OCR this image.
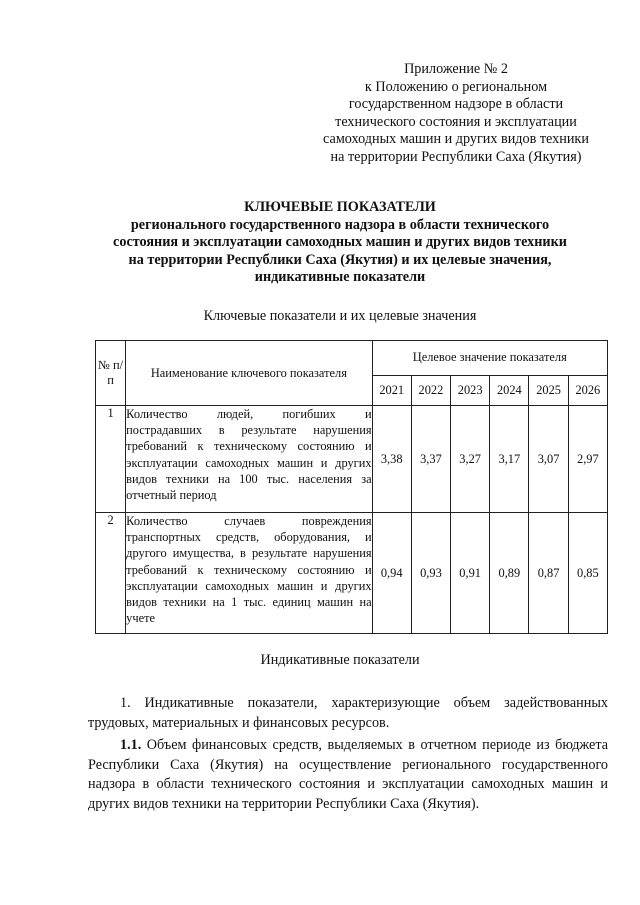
Приложение № 2
к Положению о региональном
государственном надзоре в области
технического состояния и эксплуатации
самоходных машин и других видов техники
на территории Республики Саха (Якутия)
КЛЮЧЕВЫЕ ПОКАЗАТЕЛИ
регионального государственного надзора в области технического
состояния и эксплуатации самоходных машин и других видов техники
на территории Республики Саха (Якутия) и их целевые значения,
индикативные показатели
Ключевые показатели и их целевые значения
№ п/п	Наименование ключевого показателя	Целевое значение показателя					
		2021	2022	2023	2024	2025	2026
1	Количество людей, погибших и пострадавших в результате нарушения требований к техническому состоянию и эксплуатации самоходных машин и других видов техники на 100 тыс. населения за отчетный период	3,38	3,37	3,27	3,17	3,07	2,97
2	Количество случаев повреждения транспортных средств, оборудования, и другого имущества, в результате нарушения требований к техническому состоянию и эксплуатации самоходных машин и других видов техники на 1 тыс. единиц машин на учете	0,94	0,93	0,91	0,89	0,87	0,85
Индикативные показатели
1. Индикативные показатели, характеризующие объем задействованных трудовых, материальных и финансовых ресурсов.
1.1. Объем финансовых средств, выделяемых в отчетном периоде из бюджета Республики Саха (Якутия) на осуществление регионального государственного надзора в области технического состояния и эксплуатации самоходных машин и других видов техники на территории Республики Саха (Якутия).
